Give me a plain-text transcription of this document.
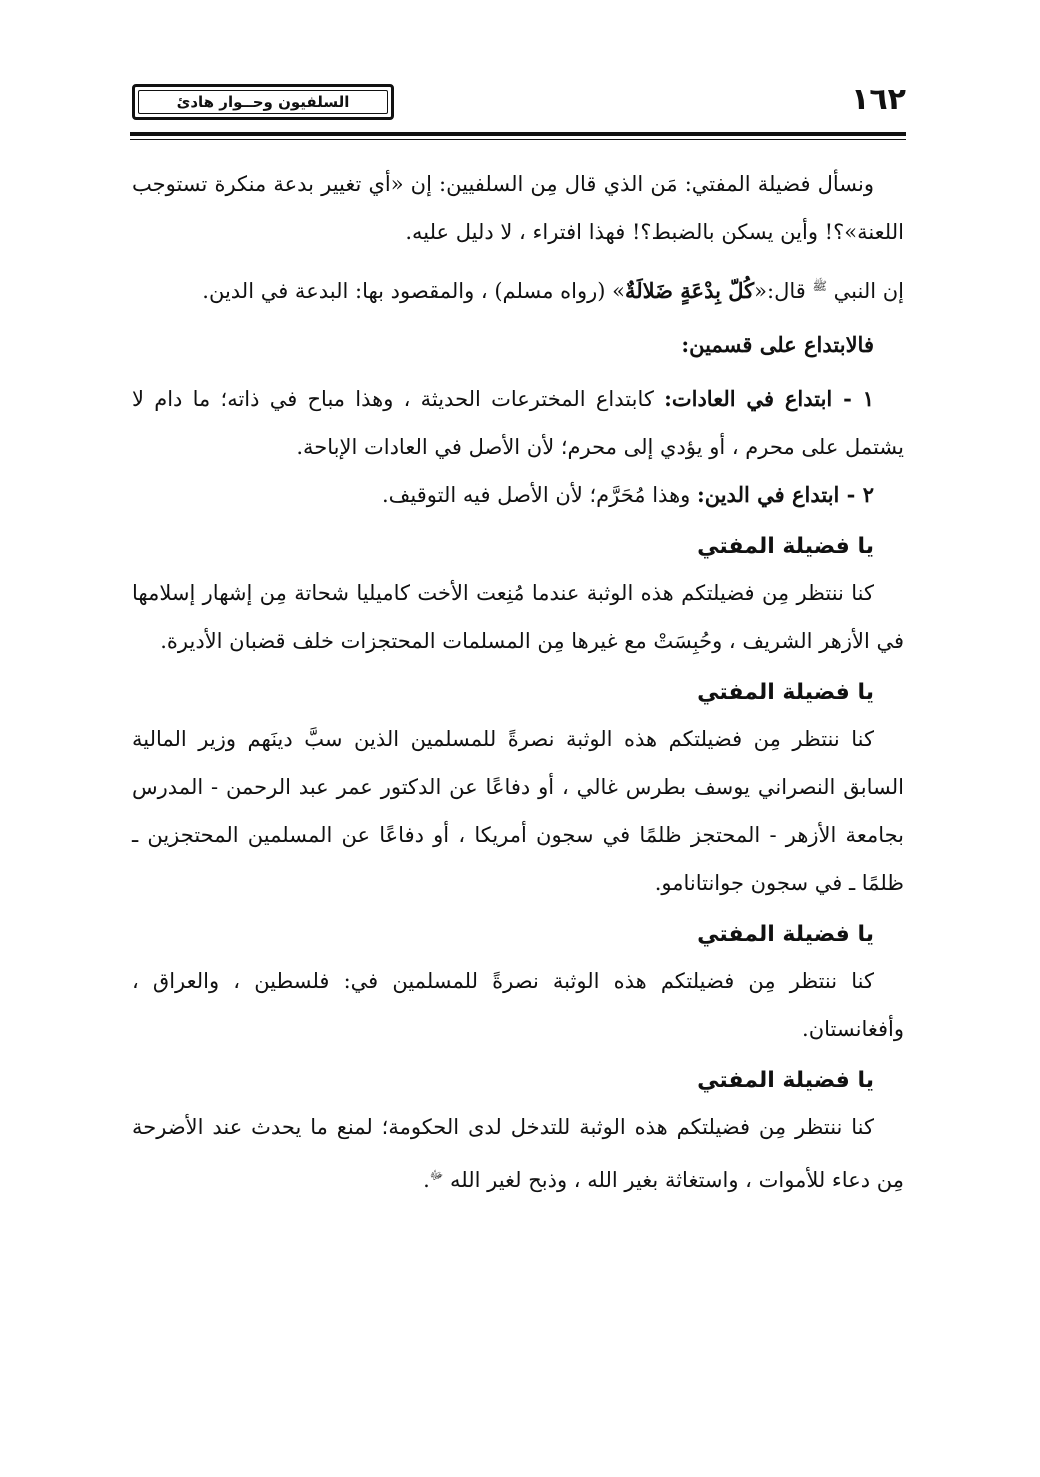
السلفيون وحــوار هادئ	١٦٢

ونسأل فضيلة المفتي: مَن الذي قال مِن السلفيين: إن «أي تغيير بدعة منكرة تستوجب اللعنة»؟! وأين يسكن بالضبط؟! فهذا افتراء ، لا دليل عليه.

إن النبي $^ﷺ$ قال:«كُلّ بِدْعَةٍ ضَلالَةٌ» (رواه مسلم) ، والمقصود بها: البدعة في الدين.

فالابتداع على قسمين:

١ - ابتداع في العادات: كابتداع المخترعات الحديثة ، وهذا مباح في ذاته؛ ما دام لا يشتمل على محرم ، أو يؤدي إلى محرم؛ لأن الأصل في العادات الإباحة.

٢ - ابتداع في الدين: وهذا مُحَرَّم؛ لأن الأصل فيه التوقيف.

يا فضيلة المفتي

كنا ننتظر مِن فضيلتكم هذه الوثبة عندما مُنِعت الأخت كاميليا شحاتة مِن إشهار إسلامها في الأزهر الشريف ، وحُبِسَتْ مع غيرها مِن المسلمات المحتجزات خلف قضبان الأديرة.

يا فضيلة المفتي

كنا ننتظر مِن فضيلتكم هذه الوثبة نصرةً للمسلمين الذين سبَّ دينَهم وزير المالية السابق النصراني يوسف بطرس غالي ، أو دفاعًا عن الدكتور عمر عبد الرحمن - المدرس بجامعة الأزهر - المحتجز ظلمًا في سجون أمريكا ، أو دفاعًا عن المسلمين المحتجزين ـ ظلمًا ـ في سجون جوانتانامو.

يا فضيلة المفتي

كنا ننتظر مِن فضيلتكم هذه الوثبة نصرةً للمسلمين في: فلسطين ، والعراق ، وأفغانستان.

يا فضيلة المفتي

كنا ننتظر مِن فضيلتكم هذه الوثبة للتدخل لدى الحكومة؛ لمنع ما يحدث عند الأضرحة مِن دعاء للأموات ، واستغاثة بغير الله ، وذبح لغير الله $^ﷻ$.
